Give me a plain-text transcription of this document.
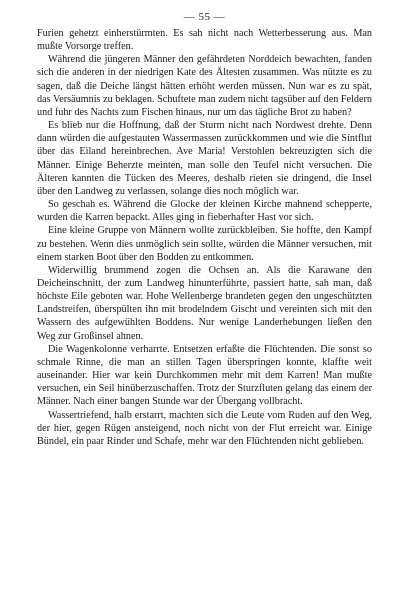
— 55 —

Furien gehetzt einherstürmten. Es sah nicht nach Wetterbesserung aus. Man mußte Vorsorge treffen.

Während die jüngeren Männer den gefährdeten Norddeich bewachten, fanden sich die anderen in der niedrigen Kate des Ältesten zusammen. Was nützte es zu sagen, daß die Deiche längst hätten erhöht werden müssen. Nun war es zu spät, das Versäumnis zu beklagen. Schuftete man zudem nicht tagsüber auf den Feldern und fuhr des Nachts zum Fischen hinaus, nur um das tägliche Brot zu haben?

Es blieb nur die Hoffnung, daß der Sturm nicht nach Nordwest drehte. Denn dann würden die aufgestauten Wassermassen zurückkommen und wie die Sintflut über das Eiland hereinbrechen. Ave Maria! Verstohlen bekreuzigten sich die Männer. Einige Beherzte meinten, man solle den Teufel nicht versuchen. Die Älteren kannten die Tücken des Meeres, deshalb rieten sie dringend, die Insel über den Landweg zu verlassen, solange dies noch möglich war.

So geschah es. Während die Glocke der kleinen Kirche mahnend schepperte, wurden die Karren bepackt. Alles ging in fieberhafter Hast vor sich.

Eine kleine Gruppe von Männern wollte zurückbleiben. Sie hoffte, den Kampf zu bestehen. Wenn dies unmöglich sein sollte, würden die Männer versuchen, mit einem starken Boot über den Bodden zu entkommen.

Widerwillig brummend zogen die Ochsen an. Als die Karawane den Deicheinschnitt, der zum Landweg hinunterführte, passiert hatte, sah man, daß höchste Eile geboten war. Hohe Wellenberge brandeten gegen den ungeschützten Landstreifen, überspülten ihn mit brodelndem Gischt und vereinten sich mit den Wassern des aufgewühlten Boddens. Nur wenige Landerhebungen ließen den Weg zur Großinsel ahnen.

Die Wagenkolonne verharrte. Entsetzen erfaßte die Flüchtenden. Die sonst so schmale Rinne, die man an stillen Tagen überspringen konnte, klaffte weit auseinander. Hier war kein Durchkommen mehr mit dem Karren! Man mußte versuchen, ein Seil hinüberzuschaffen. Trotz der Sturzfluten gelang das einem der Männer. Nach einer bangen Stunde war der Übergang vollbracht.

Wassertriefend, halb erstarrt, machten sich die Leute vom Ruden auf den Weg, der hier, gegen Rügen ansteigend, noch nicht von der Flut erreicht war. Einige Bündel, ein paar Rinder und Schafe, mehr war den Flüchtenden nicht geblieben.
